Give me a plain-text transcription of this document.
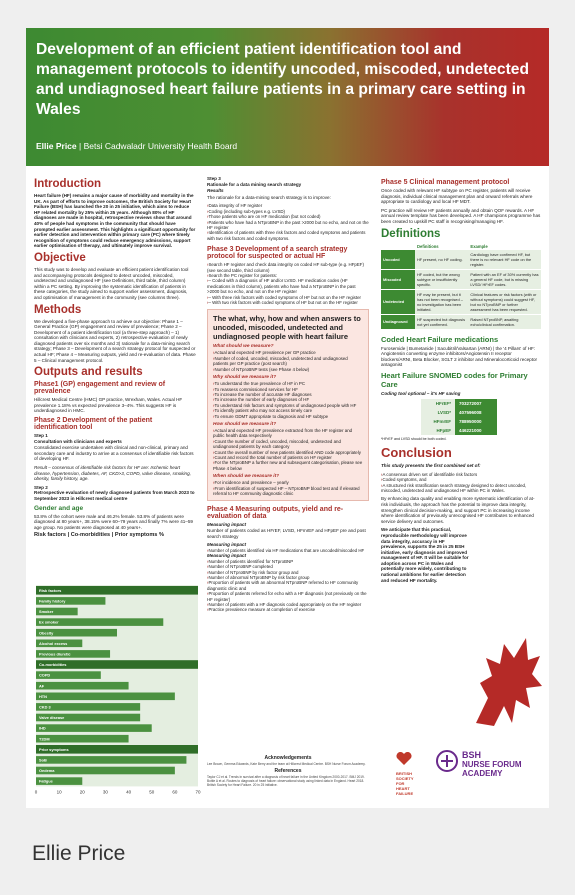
Development of an efficient patient identification tool and management protocols to identify uncoded, miscoded, undetected and undiagnosed heart failure patients in a primary care setting in Wales
Ellie Price | Betsi Cadwaladr University Health Board
Introduction

Heart failure (HF) remains a major cause of morbidity and mortality in the UK. As part of efforts to improve outcomes, the British Society for Heart Failure (BSH) has launched the 20 in 25 initiative, which aims to reduce HF related mortality by 25% within 25 years. Although 80% of HF diagnoses are made in hospital, retrospective reviews show that around 40% of people had symptoms in the community that should have prompted earlier assessment. This highlights a significant opportunity for earlier detection and intervention within primary care (PC) where timely recognition of symptoms could reduce emergency admissions, support earlier optimisation of therapy, and ultimately improve survival.

Objective

This study was to develop and evaluate an efficient patient identification tool and accompanying protocols designed to detect uncoded, miscoded, undetected and undiagnosed HF (see Definitions, third table, third column) within a PC setting. By improving the systematic identification of patients in these categories, the study aimed to support earlier assessment, diagnosis, and optimisation of management in the community (see columns three).

Methods

We developed a five-phase approach to achieve our objective: Phase 1 – General Practice (GP) engagement and review of prevalence; Phase 2 – Development of a patient identification tool (a three-step approach) – 1) consultation with clinicians and experts, 2) retrospective evaluation of newly diagnosed patients over six months and 3) rationale for a data-mining search strategy; Phase 3 – Development of a search strategy protocol for suspected or actual HF; Phase 4 – Measuring outputs, yield and re-evaluation of data. Phase 5 – Clinical management protocol.

Outputs and results
Phase1 (GP) engagement and review of prevalence

Hillcrest Medical Centre (HMC) GP practice, Wrexham, Wales. Actual HF prevalence 1.18% vs expected prevalence 3–4%. This suggests HF is underdiagnosed in HMC.

Phase 2 Development of the patient identification tool

Step 1

Consultation with clinicians and experts

Consolidated exercise undertaken with clinical and non-clinical, primary and secondary care and industry to arrive at a consensus of identifiable risk factors of developing HF.

Result – consensus of identifiable risk factors for HF are: Ischemic heart disease, hypertension, diabetes, AF, CKD>3, COPD, valve disease, smoking, obesity, family history, age.

Step 2

Retrospective evaluation of newly diagnosed patients from March 2023 to September 2023 in Hillcrest medical centre

Gender and age

53.8% of the cohort were male and 46.2% female. 53.8% of patients were diagnosed at 80 years+, 38.15% were 60–79 years and finally 7% were 41–59 age group. No patients were diagnosed at 40 years+.

Risk factors | Co-morbidities | Prior symptoms %

Risk factors
Family history
Smoker
Ex smoker
Obesity
Alcohol excess
Previous diuretic
Co-morbidities
COPD
AF
HTN
CKD 3
Valve disease
IHD
T2DM
Prior symptoms
SoB
Oedema
Fatigue
0	10	20	30	40	50	60	70

Step 3

Rationale for a data mining search strategy

Results

The rationale for a data-mining search strategy is to improve:

› Data integrity of HF register
› Coding (including sub-types e.g. LVSD)
› Those patients who are on HF medication (but not coded)
› Patients who have had a NTproBNP in the past >2000 but no echo, and not on the HF register
› Identification of patients with three risk factors and coded symptoms and patients with two risk factors and coded symptoms.
Phase 3 Development of a search strategy protocol for suspected or actual HF
› Search HF register and check data integrity on coded HF sub-type (e.g. HFpEF) (see second table, third column)
› Search the PC register for patients:
› – Coded with a diagnosis of HF and/or LVSD. HF medication codes (HF medications in third column), patients who have had a NTproBNP in the past >2000 but no echo, and not on the HF register
› – With three risk factors with coded symptoms of HF but not on the HF register
› – With two risk factors with coded symptoms of HF but not on the HF register
The what, why, how and when answers to uncoded, miscoded, undetected and undiagnosed people with heart failure
What should we measure?
› Actual and expected HF prevalence per GP practice
› Number of coded, uncoded, miscoded, undetected and undiagnosed patients per GP practice (post search)
› Number of NTproBNP tests (see Phase 4 below)
Why should we measure it?
› To understand the true prevalence of HF in PC
› To reassess commissioned services for HF
› To increase the number of accurate HF diagnoses
› To increase the number of early diagnoses of HF
› To understand risk factors and symptoms of undiagnosed people with HF
› To identify patient who may not access timely care
› To ensure GDMT appropriate to diagnosis and HF subtype
How should we measure it?
› Actual and expected HF prevalence extracted from the HF register and public health data respectively
› Count the number of coded, uncoded, miscoded, undetected and undiagnosed patients by each category
› Count the overall number of new patients identified AND code appropriately
› Count and record the total number of patients on HF register
› For the NTproBNP a further new and subsequent categorisation, please see Phase 4 below
When should we measure it?
› For incidence and prevalence – yearly
› From identification of suspected HF – NTproBNP blood test and if elevated referral to HF community diagnostic clinic
Phase 4 Measuring outputs, yield and re-evaluation of data

Measuring impact

Number of patients coded as HFrEF, LVSD, HFmrEF and HFpEF pre and post search strategy

Measuring impact

› Number of patients identified via HF medications that are uncoded/miscoded HF

Measuring impact

› Number of patients identified for NTproBNP
› Number of NTproBNP completed
› Number of NTproBNP by risk factor group and
› Number of abnormal NTproBNP by risk factor group
› Proportion of patients with an abnormal NTproBNP referred to HF community diagnostic clinic and
› Proportion of patients referred for echo with a HF diagnosis (not previously on the HF register)
› Number of patients with a HF diagnosis coded appropriately on the HF register
› Practice prevalence measure at completion of exercise
Acknowledgements
Lee Brown, Gemma Edwards, Kate Berry and the team at Hillcrest Medical Centre. BSH Nurse Forum Academy.
References
Taylor CJ et al. Trends in survival after a diagnosis of heart failure in the United Kingdom 2000-2017. BMJ 2019. Bottle A et al. Routes to diagnosis of heart failure: observational study using linked data in England. Heart 2018. British Society for Heart Failure. 20 in 25 initiative.
Phase 5 Clinical management protocol

Once coded with relevant HF subtype on PC register, patients will receive diagnosis, individual clinical management plan and onward referrals where appropriate to cardiology and local HF MDT.

PC practice will review HF patients annually and obtain QOF rewards. A HF annual review template has been developed. A HF champions programme has been created to upskill PC staff in recognising/managing HF.

Definitions
	Definitions	Example
Uncoded	HF present, no HF coding.	Cardiology have confirmed HF, but there is no relevant HF code on the register.
Miscoded	HF coded, but the wrong subtype or insufficiently specific.	Patient with an EF of 30% currently has a general HF code, but is missing LVSD/ HFrEF codes.
Undetected	HF may be present, but it has not been recognised – no investigation has been initiated.	Clinical features or risk factors (with or without symptoms) could suggest HF, but no NTproBNP or further assessment has been requested.
Undiagnosed	HF suspected but diagnosis not yet confirmed.	Raised NTproBNP, awaiting echo/clinical confirmation.
Coded Heart Failure medications

Furosemide | Bumetanide | Sacubitril/Valsartan (ARNI) | the '4 Pillars' of HF: Angiotensin converting enzyme inhibitors/Angiotensin II receptor blockers/ARNI, Beta Blocker, SGLT 2 inhibitor and Mineralocorticoid receptor antagonist

Heart Failure SNOMED codes for Primary Care

Coding tool optional – it's HF saving

HFrEF*	703272007
LVSD*	407596008
HFmrEF	788950000
HFpEF	446221000

*HFrEF and LVSD should be both coded.

Conclusion

This study presents the first combined set of:

› A consensus driven set of identifiable risk factors
› Coded symptoms, and
› A structured risk stratification search strategy designed to detect uncoded, miscoded, undetected and undiagnosed HF within PC in Wales.

By enhancing data quality and enabling more systematic identification of at-risk individuals, the approach has the potential to improve data integrity, strengthen clinical decision-making, and support PC in increasing income where identification of previously unrecognised HF contributes to enhanced service delivery and outcomes.

We anticipate that this practical, reproducible methodology will improve data integrity, accuracy in HF prevalence, supports the 25 in 25 BSH initiative, early diagnosis and improved management of HF. It will be suitable for adoption across PC in Wales and potentially more widely, contributing to national ambitions for earlier detection and reduced HF mortality.

BRITISH
SOCIETY
FOR
HEART
FAILURE
BSH
NURSE FORUM
ACADEMY
Ellie Price
